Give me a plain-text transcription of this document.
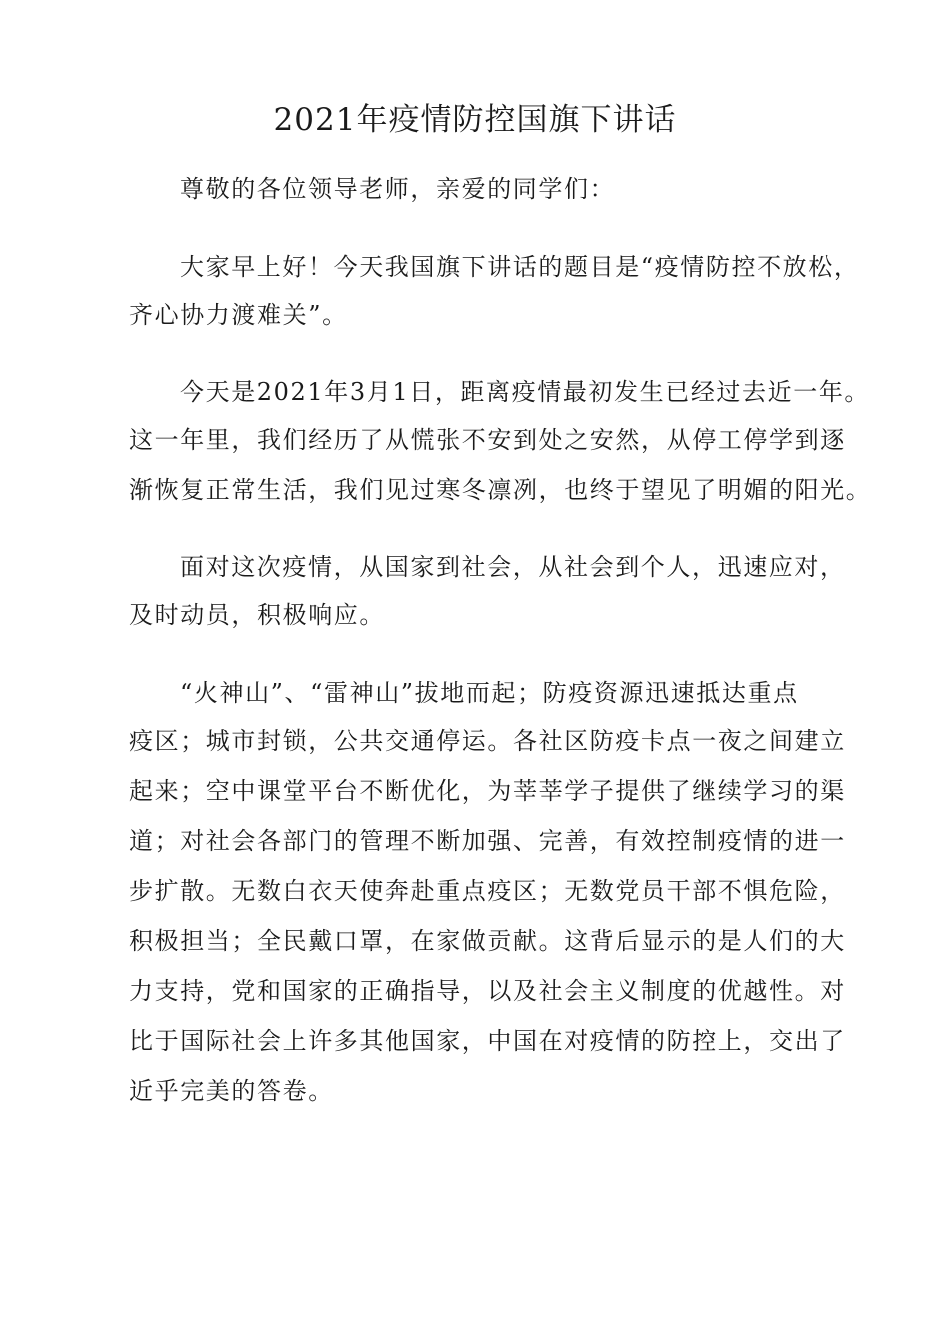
2021年疫情防控国旗下讲话
尊敬的各位领导老师，亲爱的同学们：
大家早上好！今天我国旗下讲话的题目是“疫情防控不放松，
齐心协力渡难关”。
今天是2021年3月1日，距离疫情最初发生已经过去近一年。
这一年里，我们经历了从慌张不安到处之安然，从停工停学到逐
渐恢复正常生活，我们见过寒冬凛冽，也终于望见了明媚的阳光。
面对这次疫情，从国家到社会，从社会到个人，迅速应对，
及时动员，积极响应。
“火神山”、“雷神山”拔地而起；防疫资源迅速抵达重点
疫区；城市封锁，公共交通停运。各社区防疫卡点一夜之间建立
起来；空中课堂平台不断优化，为莘莘学子提供了继续学习的渠
道；对社会各部门的管理不断加强、完善，有效控制疫情的进一
步扩散。无数白衣天使奔赴重点疫区；无数党员干部不惧危险，
积极担当；全民戴口罩，在家做贡献。这背后显示的是人们的大
力支持，党和国家的正确指导，以及社会主义制度的优越性。对
比于国际社会上许多其他国家，中国在对疫情的防控上，交出了
近乎完美的答卷。
